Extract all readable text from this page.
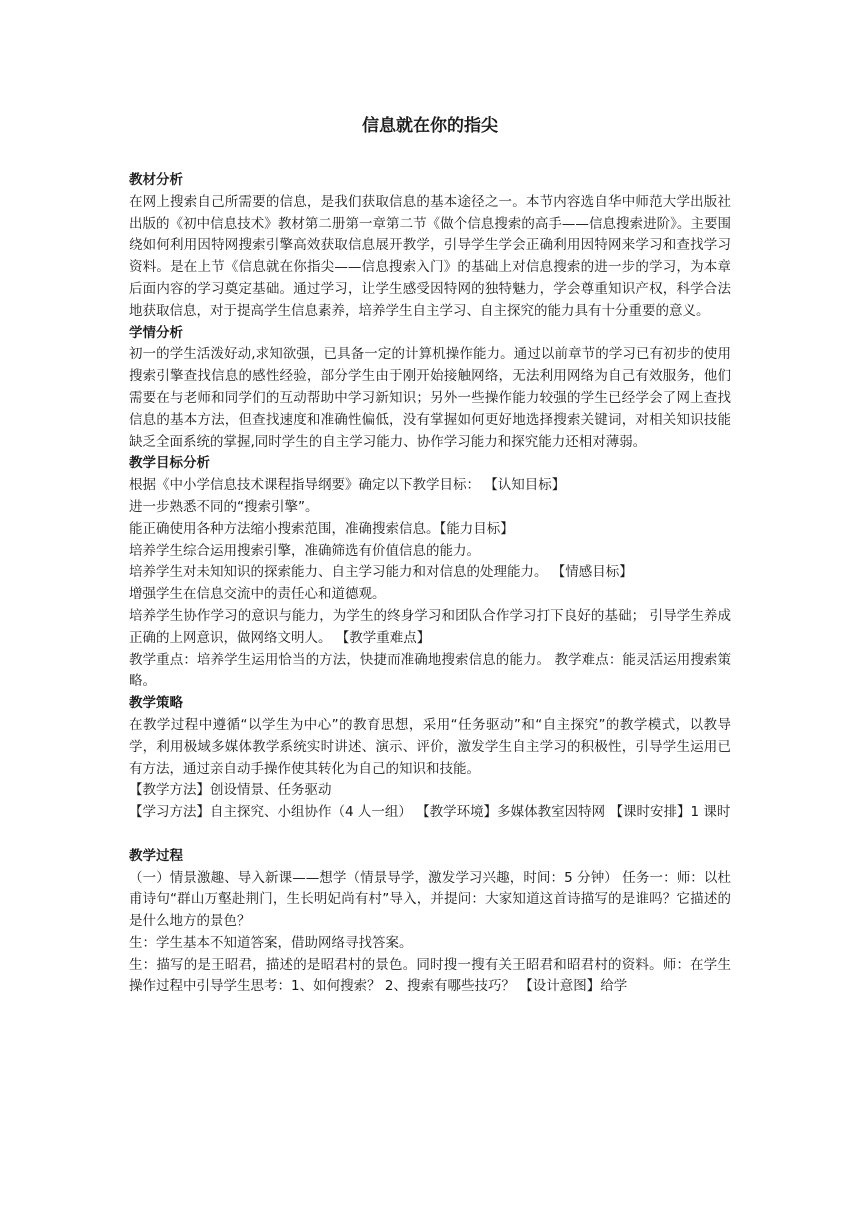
信息就在你的指尖

教材分析

在网上搜索自己所需要的信息，是我们获取信息的基本途径之一。本节内容选自华中师范大学出版社出版的《初中信息技术》教材第二册第一章第二节《做个信息搜索的高手——信息搜索进阶》。主要围绕如何利用因特网搜索引擎高效获取信息展开教学，引导学生学会正确利用因特网来学习和查找学习资料。是在上节《信息就在你指尖——信息搜索入门》的基础上对信息搜索的进一步的学习，为本章后面内容的学习奠定基础。通过学习，让学生感受因特网的独特魅力，学会尊重知识产权，科学合法地获取信息，对于提高学生信息素养，培养学生自主学习、自主探究的能力具有十分重要的意义。

学情分析

初一的学生活泼好动,求知欲强，已具备一定的计算机操作能力。通过以前章节的学习已有初步的使用搜索引擎查找信息的感性经验，部分学生由于刚开始接触网络，无法利用网络为自己有效服务，他们需要在与老师和同学们的互动帮助中学习新知识；另外一些操作能力较强的学生已经学会了网上查找信息的基本方法，但查找速度和准确性偏低，没有掌握如何更好地选择搜索关键词，对相关知识技能缺乏全面系统的掌握,同时学生的自主学习能力、协作学习能力和探究能力还相对薄弱。

教学目标分析

根据《中小学信息技术课程指导纲要》确定以下教学目标： 【认知目标】

进一步熟悉不同的“搜索引擎”。

能正确使用各种方法缩小搜索范围，准确搜索信息。【能力目标】

培养学生综合运用搜索引擎，准确筛选有价值信息的能力。

培养学生对未知知识的探索能力、自主学习能力和对信息的处理能力。 【情感目标】

增强学生在信息交流中的责任心和道德观。

培养学生协作学习的意识与能力，为学生的终身学习和团队合作学习打下良好的基础； 引导学生养成正确的上网意识，做网络文明人。 【教学重难点】

教学重点：培养学生运用恰当的方法，快捷而准确地搜索信息的能力。 教学难点：能灵活运用搜索策略。

教学策略

在教学过程中遵循“以学生为中心”的教育思想，采用“任务驱动”和“自主探究”的教学模式，以教导学，利用极域多媒体教学系统实时讲述、演示、评价，激发学生自主学习的积极性，引导学生运用已有方法，通过亲自动手操作使其转化为自己的知识和技能。

【教学方法】创设情景、任务驱动

【学习方法】自主探究、小组协作（4 人一组） 【教学环境】多媒体教室因特网 【课时安排】1 课时

教学过程

（一）情景激趣、导入新课——想学（情景导学，激发学习兴趣，时间：5 分钟） 任务一：师：以杜甫诗句“群山万壑赴荆门，生长明妃尚有村”导入，并提问：大家知道这首诗描写的是谁吗？它描述的是什么地方的景色？

生：学生基本不知道答案，借助网络寻找答案。

生：描写的是王昭君，描述的是昭君村的景色。同时搜一搜有关王昭君和昭君村的资料。师：在学生操作过程中引导学生思考：1、如何搜索？ 2、搜索有哪些技巧？ 【设计意图】给学
